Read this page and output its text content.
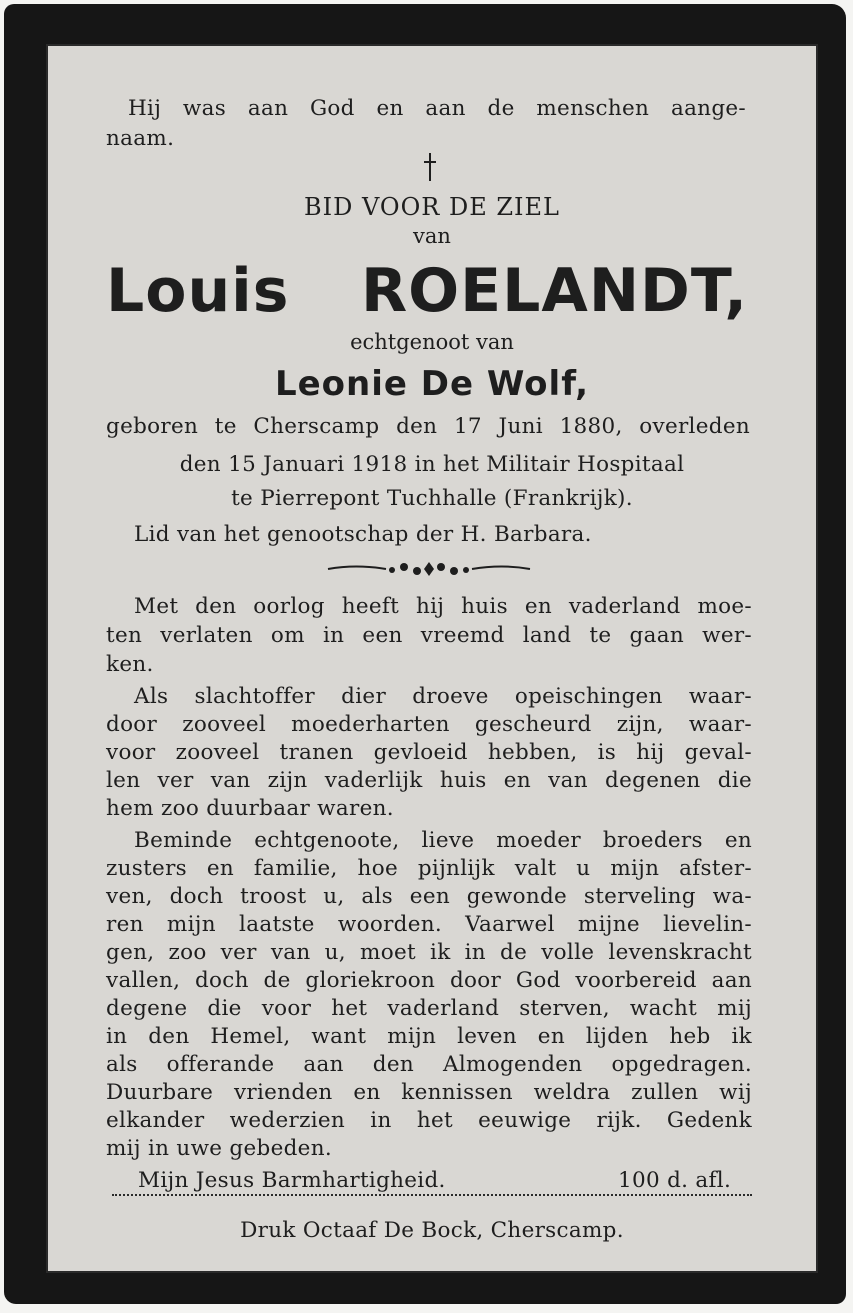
Hij was aan God en aan de menschen aange-
naam.
BID VOOR DE ZIEL
van
Louis ROELANDT,
echtgenoot van
Leonie De Wolf,
geboren te Cherscamp den 17 Juni 1880, overleden
den 15 Januari 1918 in het Militair Hospitaal
te Pierrepont Tuchhalle (Frankrijk).
Lid van het genootschap der H. Barbara.
Met den oorlog heeft hij huis en vaderland moe-
ten verlaten om in een vreemd land te gaan wer-
ken.
Als slachtoffer dier droeve opeischingen waar-
door zooveel moederharten gescheurd zijn, waar-
voor zooveel tranen gevloeid hebben, is hij geval-
len ver van zijn vaderlijk huis en van degenen die
hem zoo duurbaar waren.
Beminde echtgenoote, lieve moeder broeders en
zusters en familie, hoe pijnlijk valt u mijn afster-
ven, doch troost u, als een gewonde sterveling wa-
ren mijn laatste woorden. Vaarwel mijne lievelin-
gen, zoo ver van u, moet ik in de volle levenskracht
vallen, doch de gloriekroon door God voorbereid aan
degene die voor het vaderland sterven, wacht mij
in den Hemel, want mijn leven en lijden heb ik
als offerande aan den Almogenden opgedragen.
Duurbare vrienden en kennissen weldra zullen wij
elkander wederzien in het eeuwige rijk. Gedenk
mij in uwe gebeden.
Mijn Jesus Barmhartigheid.	100 d. afl.
Druk Octaaf De Bock, Cherscamp.
